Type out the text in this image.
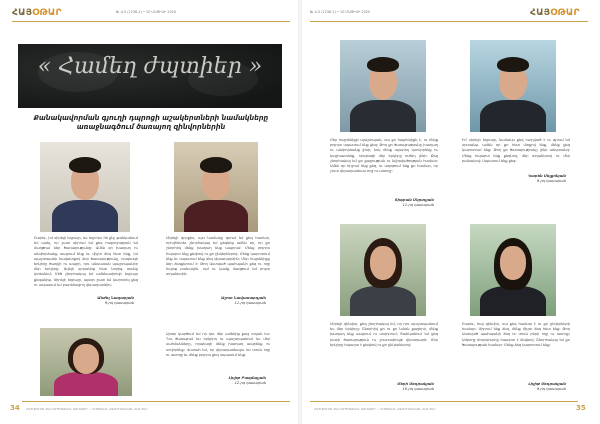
ՀԱՅՕԹԱՐ	№ 4-5 (1236-1) • 10 ՄԱՅԻՍԻ 2020
« Համեղ ժպտիեր »
Քանակավորման գյուղի դպրոցի աշակերտների նամակները առաջնագծում ծառայող զինվորներին
Բարեւ, իմ սիրելի եղբայր, ես եղբորս հե քնչ ցանկանում եմ ասել, որ շատ սիրում եմ քեզ հաջողություն եմ մաղթում ձեր ծառայությանը: Ամեն օր խաղաղ ու անփորձանք ապրում ենք եւ միշտ ձեզ հետ ենք, իմ պաշտպանի հավատքով ձեր ծառայությունը, որպեսզի երկիրը ծաղկի ու ապրի, դու անսասան պաշտպանիր մեր երկիրը: Ավելի զորանից հետ նորից տանը կտեսնեմ: Մեծ շնորհակալ եմ ամենասիրելի եղբայր քեզանից. Սիրելի եղբայր, այսօր շատ եմ կարոտել քեզ ու սպասում եմ բարեհաջող վերադարձիդ:
Անժել Նազարյան
9-րդ դասարան
Սիրելի զորքիս, այս նամակը գրում եմ քեզ համար, որովհետեւ շնորհակալ եմ քեզնից ամեն օր, որ քո շնորհիվ մենք խաղաղ ենք ապրում: Մենք բոլորս հպարտ ենք քեզնով ու քո ընկերներով: Մենք կարոտում ենք եւ սպասում ենք ձեզ վերադարձին: Մեր հայրենիքը ձեր ձեռքերում է: Թող Աստված պահպանի քեզ ու ողջ հայոց բանակին. ուժ ու կամք մաղթում եմ բոլոր տղաներին:
Աշոտ Նավասարդյան
11-րդ դասարան
Այսօր կարծում եմ որ դու մեր ամենից քաջ տղան ես: Դու ծառայում ես երկրիդ ու պաշտպանում ես մեր սահմանները, որպեսզի մենք խաղաղ ապրենք ու սովորենք: Վստահ եմ, որ վերադառնալու ես տուն ողջ ու առողջ եւ մենք բոլորս քեզ սպասում ենք:
Լիլիթ Բազմաչյան
12-րդ դասարան
34 ՀԱՅ ՓՈՒՍՏ ՀԱՆՐԱՊԵՏԱԿԱՆ ԱՄՍԱԳԻՐ • ԿՐԹԱԿԱՆ ՀԱՍԱՐԱԿԱԿԱՆ ՀԱՆԴԵՍ
№ 4-5 (1236-1) • 10 ՄԱՅԻՍԻ 2020	ՀԱՅՕԹԱՐ
Մեր հայրենիքի պաշտպան, սա քո հայրենիքն է, ու մենք բոլորս սպասում ենք քեզ: Թող քո ծառայությունը խաղաղ ու անփորձանք լինի, իսկ մենք այստեղ կսովորենք ու կաշխատենք, որպեսզի մեր երկիրը ուժեղ լինի: Քեզ շնորհակալ եմ քո քաջության ու նվիրվածության համար: Ամեն օր հիշում ենք քեզ, ու աղոթում ենք քո համար, որ շուտ վերադառնաս ողջ ու առողջ:
Տիգրան Մկրտչյան
11-րդ դասարան
Իմ սիրելի եղբայր, նամակս քեզ ուղղված է ու գրում եմ սրտանց. ամեն օր քո հետ մտքով ենք, մենք քեզ կարոտում ենք: Թող քո ծառայությունը լինի անվտանգ: Մենք հպարտ ենք քեզնով, մեր տղաներով ու մեր բանակով: Սպասում ենք քեզ:
Կարեն Մելքոնյան
9-րդ դասարան
Սիրելի զինվոր, քեզ շնորհակալ եմ, որ դու պաշտպանում ես մեր երկիրը: Շնորհիվ քո ու քո նման քաջերի, մենք խաղաղ ենք ապրում ու սովորում: Ցանկանում եմ քեզ բարի ծառայություն ու շուտափույթ վերադարձ: Մեր երկիրը հպարտ է քեզնով ու քո ընկերներով:
Մերի Սեդրակյան
10-րդ դասարան
Բարեւ, հայ զինվոր, սա քեզ համար է ու քո ընկերների համար: Սիրում ենք ձեզ, մենք միշտ ձեզ հետ ենք: Թող Աստված պահպանի ձեզ ու տուն բերի ողջ ու առողջ: Ամբողջ ժողովուրդը հպարտ է ձեզնով: Շնորհակալ եմ քո ծառայության համար: Մենք ձեզ կարոտում ենք:
Լիլիթ Սեդրակյան
9-րդ դասարան
ՀԱՅ ՓՈՒՍՏ ՀԱՆՐԱՊԵՏԱԿԱՆ ԱՄՍԱԳԻՐ • ԿՐԹԱԿԱՆ ՀԱՍԱՐԱԿԱԿԱՆ ՀԱՆԴԵՍ	35
